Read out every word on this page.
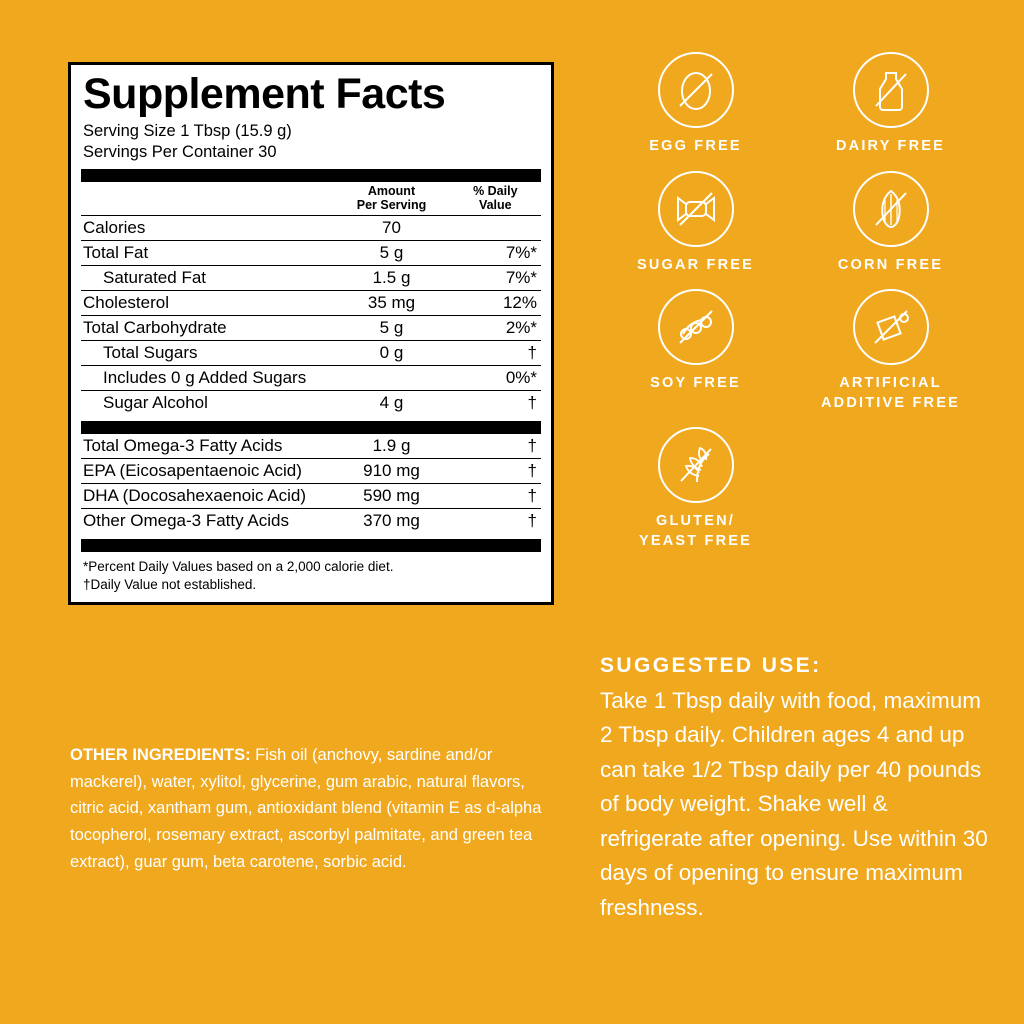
Supplement Facts
Serving Size 1 Tbsp (15.9 g)
Servings Per Container 30
	Amount
Per Serving	% Daily
Value
Calories	70	
Total Fat	5 g	7%*
Saturated Fat	1.5 g	7%*
Cholesterol	35 mg	12%
Total Carbohydrate	5 g	2%*
Total Sugars	0 g	†
Includes 0 g Added Sugars		0%*
Sugar Alcohol	4 g	†
Total Omega-3 Fatty Acids	1.9 g	†
EPA (Eicosapentaenoic Acid)	910 mg	†
DHA (Docosahexaenoic Acid)	590 mg	†
Other Omega-3 Fatty Acids	370 mg	†
*Percent Daily Values based on a 2,000 calorie diet.
†Daily Value not established.
OTHER INGREDIENTS: Fish oil (anchovy, sardine and/or mackerel), water, xylitol, glycerine, gum arabic, natural flavors, citric acid, xantham gum, antioxidant blend (vitamin E as d-alpha tocopherol, rosemary extract, ascorbyl palmitate, and green tea extract), guar gum, beta carotene, sorbic acid.
EGG FREE	DAIRY FREE
SUGAR FREE	CORN FREE
SOY FREE	ARTIFICIAL
ADDITIVE FREE
GLUTEN/
YEAST FREE
SUGGESTED USE:
Take 1 Tbsp daily with food, maximum 2 Tbsp daily. Children ages 4 and up can take 1/2 Tbsp daily per 40 pounds of body weight. Shake well & refrigerate after opening. Use within 30 days of opening to ensure maximum freshness.
